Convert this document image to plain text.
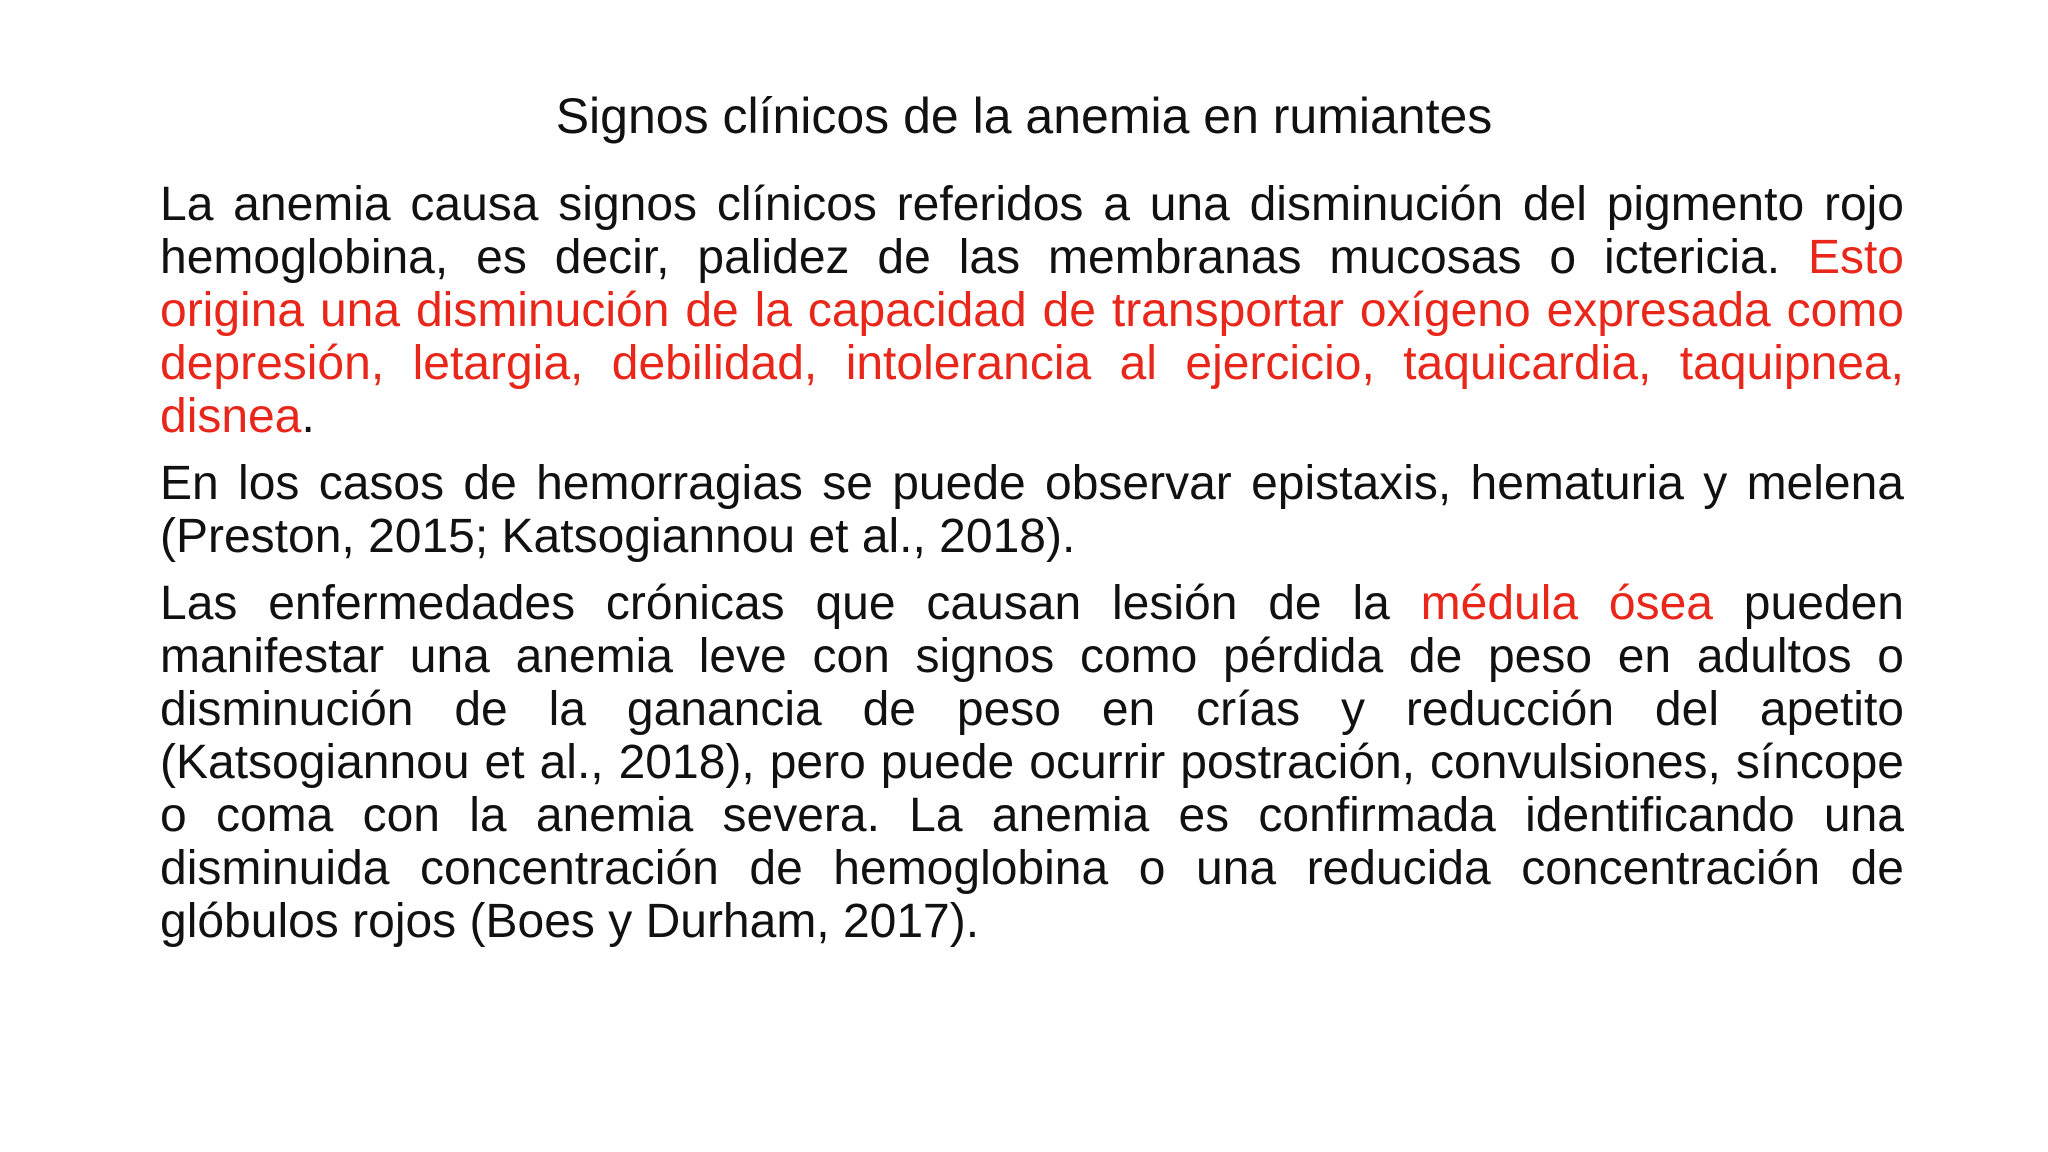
Signos clínicos de la anemia en rumiantes

La anemia causa signos clínicos referidos a una disminución del pigmento rojo hemoglobina, es decir, palidez de las membranas mucosas o ictericia. Esto origina una disminución de la capacidad de transportar oxígeno expresada como depresión, letargia, debilidad, intolerancia al ejercicio, taquicardia, taquipnea, disnea.

En los casos de hemorragias se puede observar epistaxis, hematuria y melena (Preston, 2015; Katsogiannou et al., 2018).

Las enfermedades crónicas que causan lesión de la médula ósea pueden manifestar una anemia leve con signos como pérdida de peso en adultos o disminución de la ganancia de peso en crías y reducción del apetito (Katsogiannou et al., 2018), pero puede ocurrir postración, convulsiones, síncope o coma con la anemia severa. La anemia es confirmada identificando una disminuida concentración de hemoglobina o una reducida concentración de glóbulos rojos (Boes y Durham, 2017).
